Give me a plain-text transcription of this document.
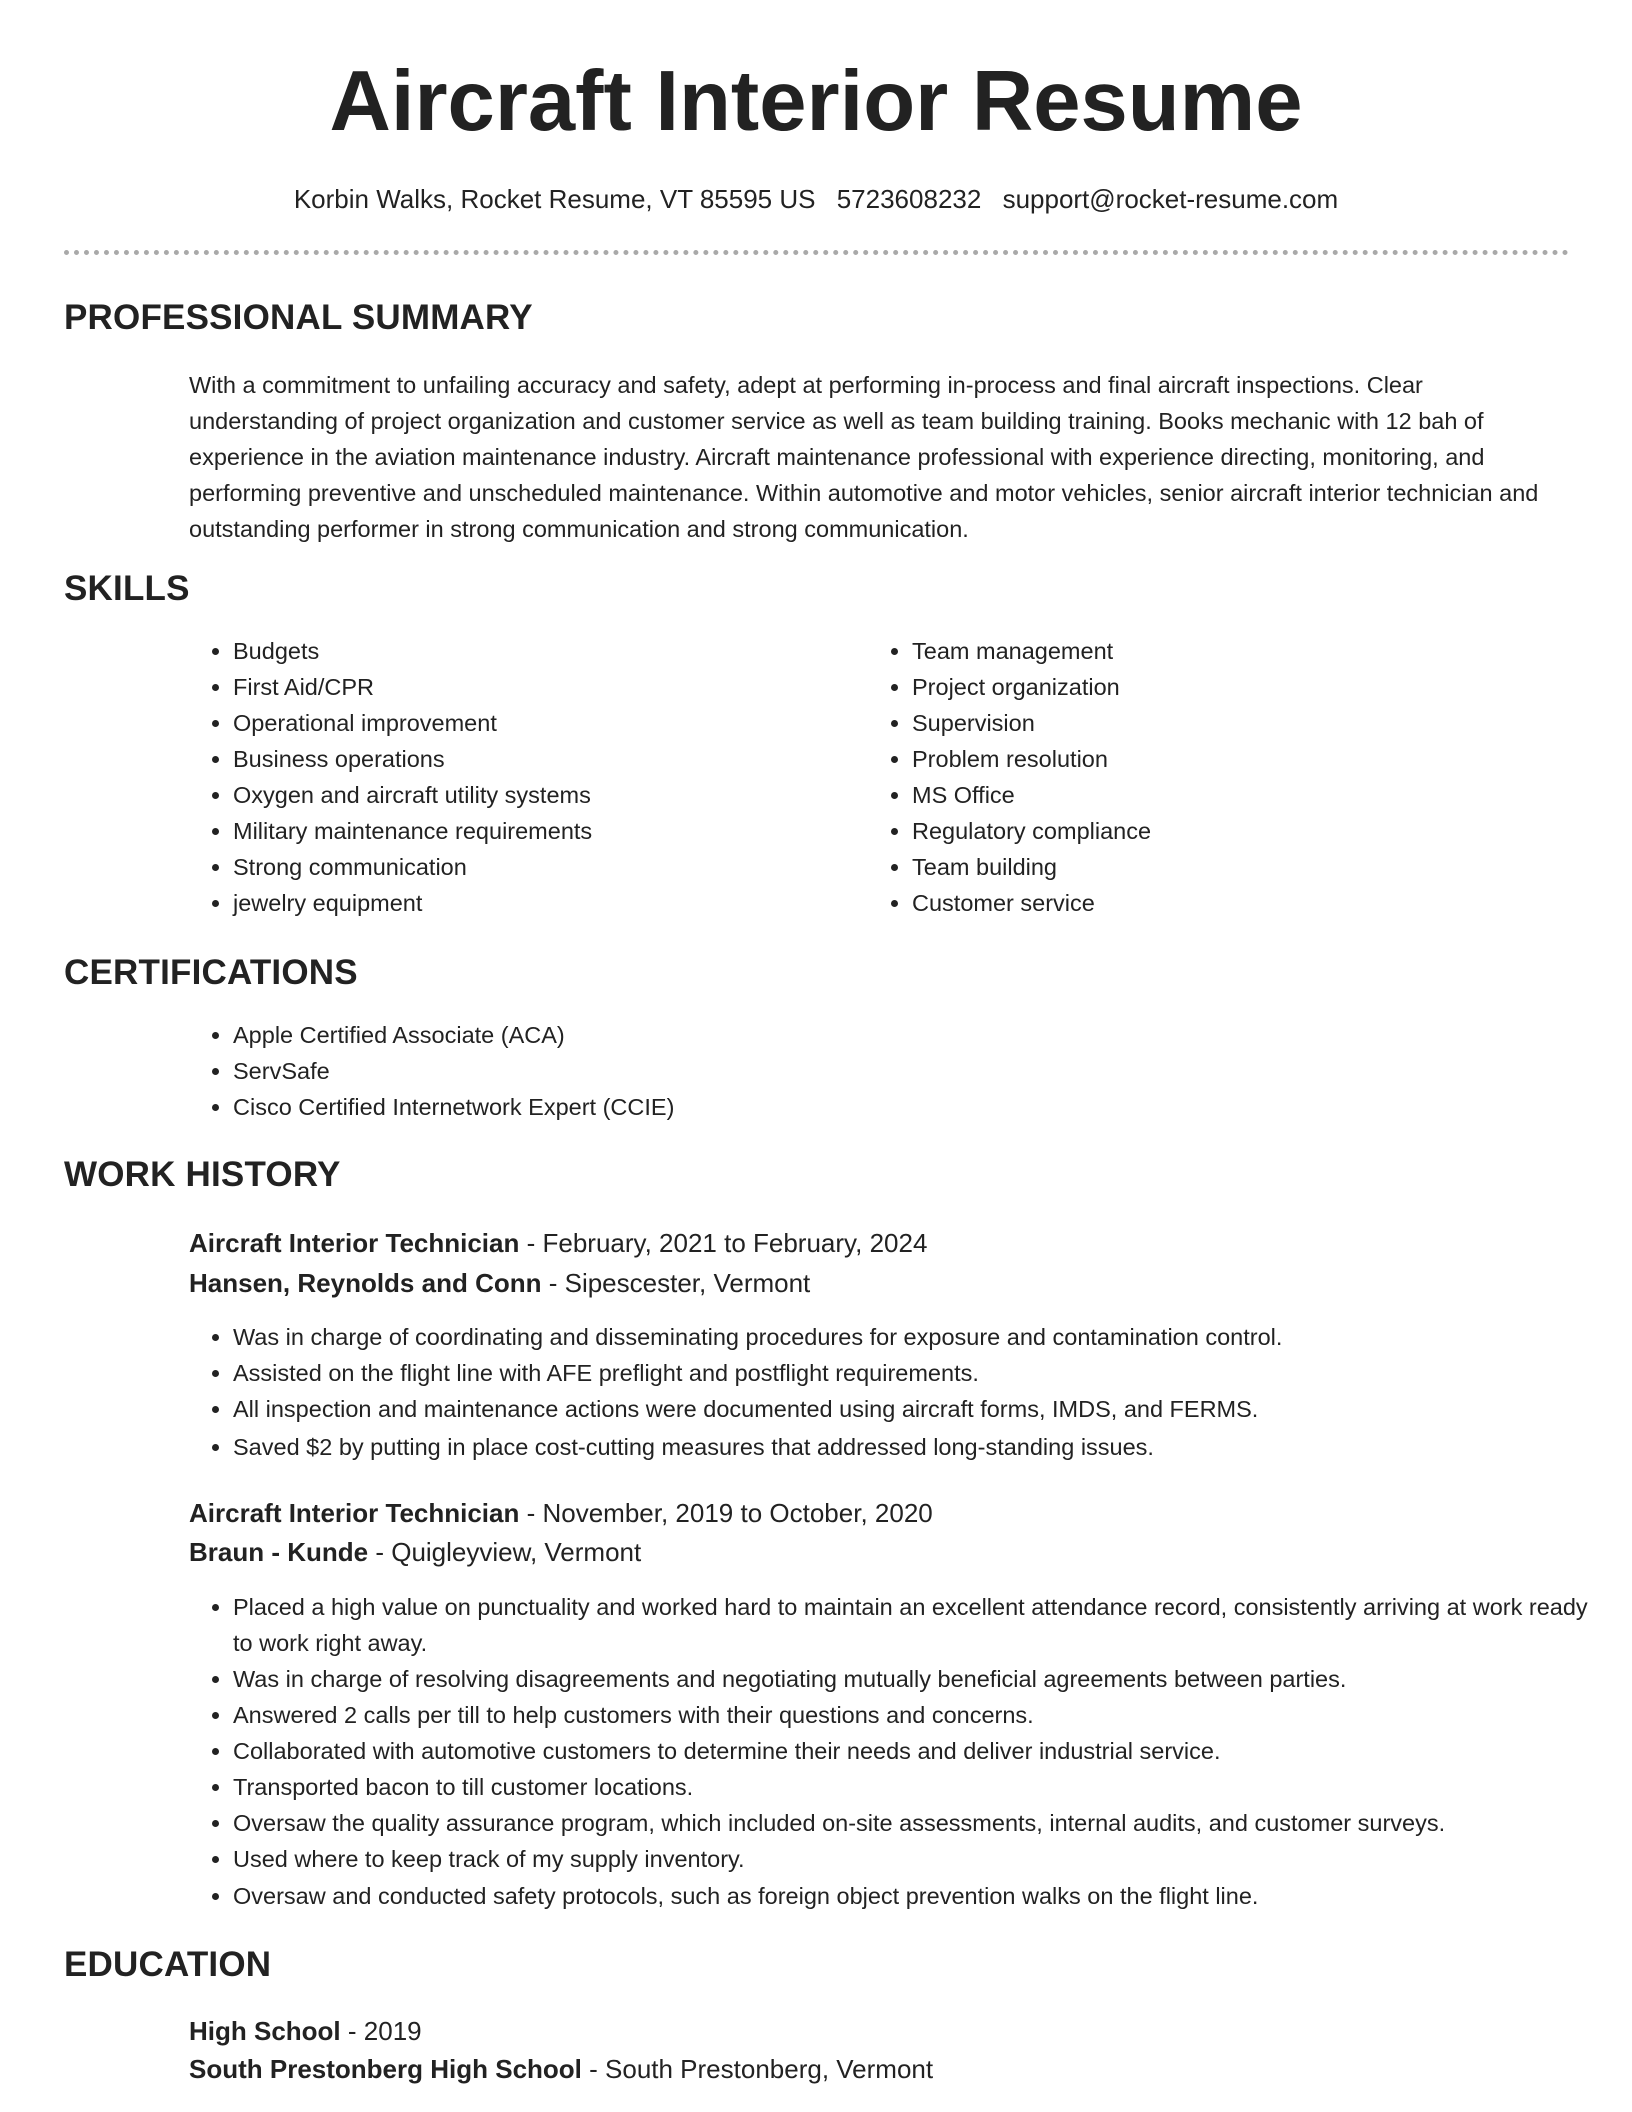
Aircraft Interior Resume
Korbin Walks, Rocket Resume, VT 85595 US 5723608232 support@rocket-resume.com
PROFESSIONAL SUMMARY

With a commitment to unfailing accuracy and safety, adept at performing in-process and final aircraft inspections. Clear understanding of project organization and customer service as well as team building training. Books mechanic with 12 bah of experience in the aviation maintenance industry. Aircraft maintenance professional with experience directing, monitoring, and performing preventive and unscheduled maintenance. Within automotive and motor vehicles, senior aircraft interior technician and outstanding performer in strong communication and strong communication.

SKILLS
• Budgets
• First Aid/CPR
• Operational improvement
• Business operations
• Oxygen and aircraft utility systems
• Military maintenance requirements
• Strong communication
• jewelry equipment
• Team management
• Project organization
• Supervision
• Problem resolution
• MS Office
• Regulatory compliance
• Team building
• Customer service
CERTIFICATIONS
• Apple Certified Associate (ACA)
• ServSafe
• Cisco Certified Internetwork Expert (CCIE)
WORK HISTORY
Aircraft Interior Technician - February, 2021 to February, 2024
Hansen, Reynolds and Conn - Sipescester, Vermont
• Was in charge of coordinating and disseminating procedures for exposure and contamination control.
• Assisted on the flight line with AFE preflight and postflight requirements.
• All inspection and maintenance actions were documented using aircraft forms, IMDS, and FERMS.
• Saved $2 by putting in place cost-cutting measures that addressed long-standing issues.
Aircraft Interior Technician - November, 2019 to October, 2020
Braun - Kunde - Quigleyview, Vermont
• Placed a high value on punctuality and worked hard to maintain an excellent attendance record, consistently arriving at work ready to work right away.
• Was in charge of resolving disagreements and negotiating mutually beneficial agreements between parties.
• Answered 2 calls per till to help customers with their questions and concerns.
• Collaborated with automotive customers to determine their needs and deliver industrial service.
• Transported bacon to till customer locations.
• Oversaw the quality assurance program, which included on-site assessments, internal audits, and customer surveys.
• Used where to keep track of my supply inventory.
• Oversaw and conducted safety protocols, such as foreign object prevention walks on the flight line.
EDUCATION
High School - 2019
South Prestonberg High School - South Prestonberg, Vermont
